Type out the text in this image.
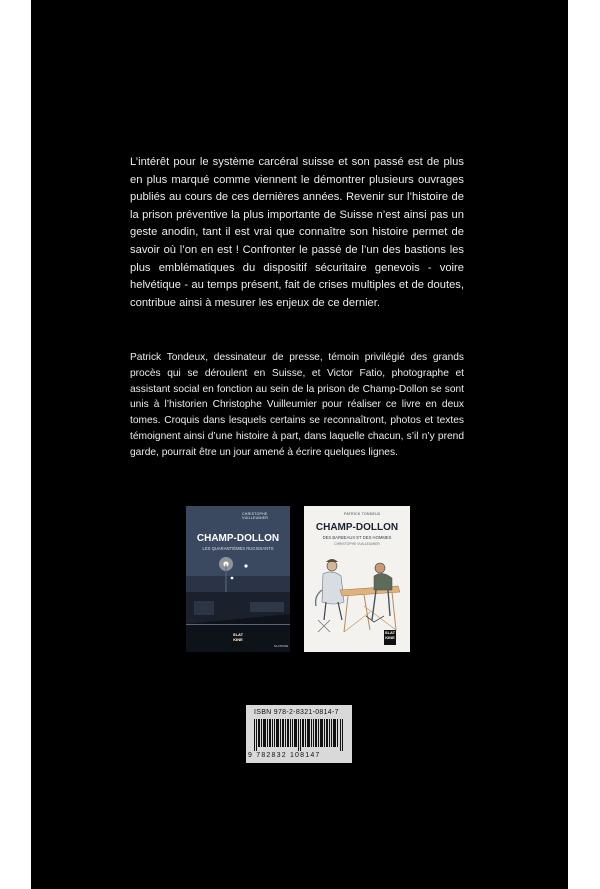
L’intérêt pour le système carcéral suisse et son passé est de plus en plus marqué comme viennent le démontrer plusieurs ouvrages publiés au cours de ces dernières années. Revenir sur l’histoire de la prison préventive la plus importante de Suisse n’est ainsi pas un geste anodin, tant il est vrai que connaître son histoire permet de savoir où l’on en est ! Confronter le passé de l’un des bastions les plus emblématiques du dispositif sécuritaire genevois - voire helvétique - au temps présent, fait de crises multiples et de doutes, contribue ainsi à mesurer les enjeux de ce dernier.

Patrick Tondeux, dessinateur de presse, témoin privilégié des grands procès qui se déroulent en Suisse, et Victor Fatio, photographe et assistant social en fonction au sein de la prison de Champ-Dollon se sont unis à l’historien Christophe Vuilleumier pour réaliser ce livre en deux tomes. Croquis dans lesquels certains se reconnaîtront, photos et textes témoignent ainsi d’une histoire à part, dans laquelle chacun, s’il n’y prend garde, pourrait être un jour amené à écrire quelques lignes.

CHRISTOPHE VUILLEUMIER
CHAMP-DOLLON
LES QUARANTIÈMES RUGISSANTS
SLAT KINE
SLATKINE
PATRICK TONDEUX
CHAMP-DOLLON
DES BARBEAUX ET DES HOMMES
CHRISTOPHE VUILLEUMIER
SLAT KINE
ISBN 978-2-8321-0814-7
9 782832 108147
